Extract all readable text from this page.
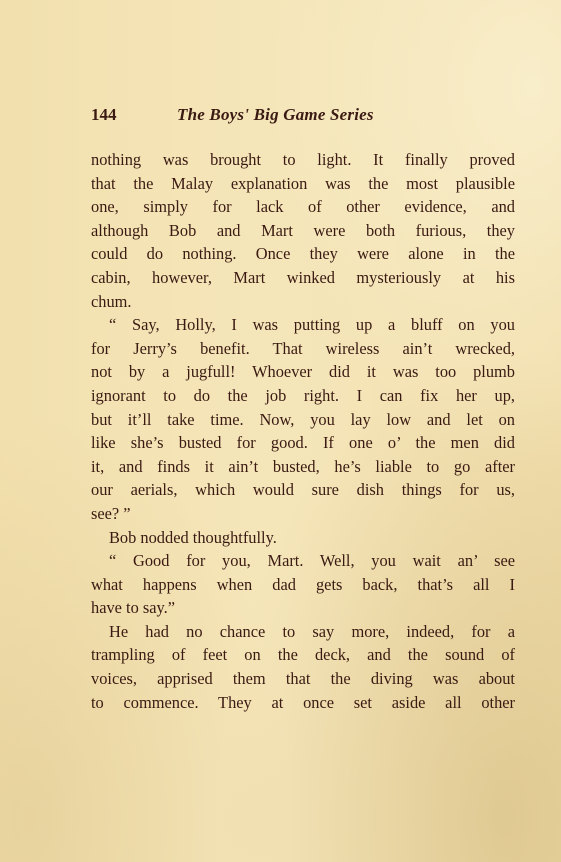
144	The Boys' Big Game Series
nothing was brought to light. It finally proved
that the Malay explanation was the most plausible
one, simply for lack of other evidence, and
although Bob and Mart were both furious, they
could do nothing. Once they were alone in the
cabin, however, Mart winked mysteriously at his
chum.
“ Say, Holly, I was putting up a bluff on you
for Jerry’s benefit. That wireless ain’t wrecked,
not by a jugfull! Whoever did it was too plumb
ignorant to do the job right. I can fix her up,
but it’ll take time. Now, you lay low and let on
like she’s busted for good. If one o’ the men did
it, and finds it ain’t busted, he’s liable to go after
our aerials, which would sure dish things for us,
see? ”
Bob nodded thoughtfully.
“ Good for you, Mart. Well, you wait an’ see
what happens when dad gets back, that’s all I
have to say.”
He had no chance to say more, indeed, for a
trampling of feet on the deck, and the sound of
voices, apprised them that the diving was about
to commence. They at once set aside all other
